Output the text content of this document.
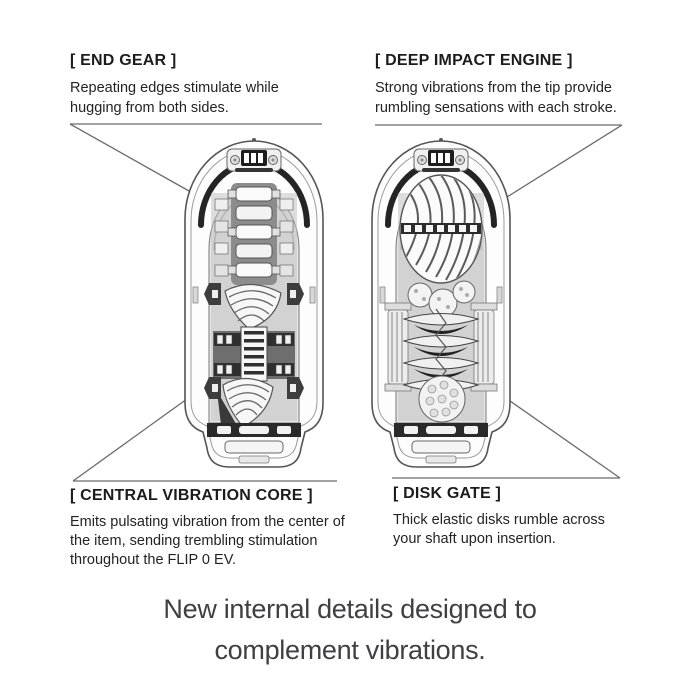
[ END GEAR ]
Repeating edges stimulate while
hugging from both sides.
[ DEEP IMPACT ENGINE ]
Strong vibrations from the tip provide
rumbling sensations with each stroke.
[ CENTRAL VIBRATION CORE ]
Emits pulsating vibration from the center of
the item, sending trembling stimulation
throughout the FLIP 0 EV.
[ DISK GATE ]
Thick elastic disks rumble across
your shaft upon insertion.
New internal details designed to
complement vibrations.
